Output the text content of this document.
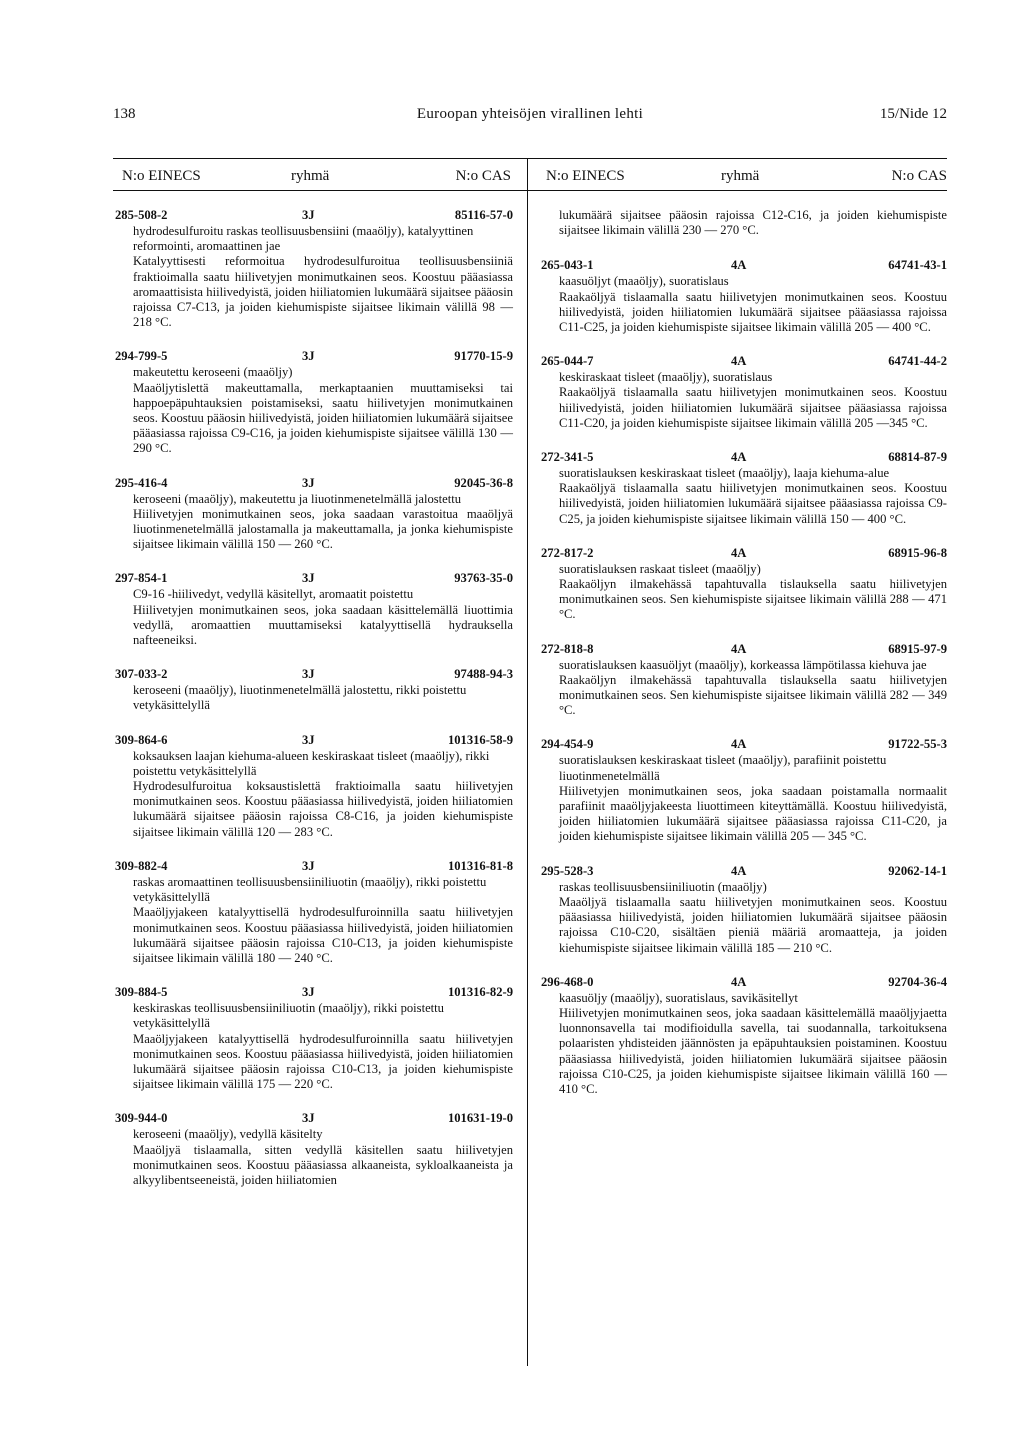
138	Euroopan yhteisöjen virallinen lehti	15/Nide 12
N:o EINECS	ryhmä	N:o CAS N:o EINECS	ryhmä	N:o CAS
285-508-2	3J	85116-57-0
hydrodesulfuroitu raskas teollisuusbensiini (maaöljy), katalyyttinen reformointi, aromaattinen jae
Katalyyttisesti reformoitua hydrodesulfuroitua teollisuusbensiiniä fraktioimalla saatu hiilivetyjen monimutkainen seos. Koostuu pääasiassa aromaattisista hiilivedyistä, joiden hiiliatomien lukumäärä sijaitsee pääosin rajoissa C7-C13, ja joiden kiehumispiste sijaitsee likimain välillä 98 — 218 °C.
294-799-5	3J	91770-15-9
makeutettu keroseeni (maaöljy)
Maaöljytislettä makeuttamalla, merkaptaanien muuttamiseksi tai happoepäpuhtauksien poistamiseksi, saatu hiilivetyjen monimutkainen seos. Koostuu pääosin hiilivedyistä, joiden hiiliatomien lukumäärä sijaitsee pääasiassa rajoissa C9-C16, ja joiden kiehumispiste sijaitsee välillä 130 — 290 °C.
295-416-4	3J	92045-36-8
keroseeni (maaöljy), makeutettu ja liuotinmenetelmällä jalostettu
Hiilivetyjen monimutkainen seos, joka saadaan varastoitua maaöljyä liuotinmenetelmällä jalostamalla ja makeuttamalla, ja jonka kiehumispiste sijaitsee likimain välillä 150 — 260 °C.
297-854-1	3J	93763-35-0
C9-16 -hiilivedyt, vedyllä käsitellyt, aromaatit poistettu
Hiilivetyjen monimutkainen seos, joka saadaan käsittelemällä liuottimia vedyllä, aromaattien muuttamiseksi katalyyttisellä hydrauksella nafteeneiksi.
307-033-2	3J	97488-94-3
keroseeni (maaöljy), liuotinmenetelmällä jalostettu, rikki poistettu vetykäsittelyllä
309-864-6	3J	101316-58-9
koksauksen laajan kiehuma-alueen keskiraskaat tisleet (maaöljy), rikki poistettu vetykäsittelyllä
Hydrodesulfuroitua koksaustislettä fraktioimalla saatu hiilivetyjen monimutkainen seos. Koostuu pääasiassa hiilivedyistä, joiden hiiliatomien lukumäärä sijaitsee pääosin rajoissa C8-C16, ja joiden kiehumispiste sijaitsee likimain välillä 120 — 283 °C.
309-882-4	3J	101316-81-8
raskas aromaattinen teollisuusbensiiniliuotin (maaöljy), rikki poistettu vetykäsittelyllä
Maaöljyjakeen katalyyttisellä hydrodesulfuroinnilla saatu hiilivetyjen monimutkainen seos. Koostuu pääasiassa hiilivedyistä, joiden hiiliatomien lukumäärä sijaitsee pääosin rajoissa C10-C13, ja joiden kiehumispiste sijaitsee likimain välillä 180 — 240 °C.
309-884-5	3J	101316-82-9
keskiraskas teollisuusbensiiniliuotin (maaöljy), rikki poistettu vetykäsittelyllä
Maaöljyjakeen katalyyttisellä hydrodesulfuroinnilla saatu hiilivetyjen monimutkainen seos. Koostuu pääasiassa hiilivedyistä, joiden hiiliatomien lukumäärä sijaitsee pääosin rajoissa C10-C13, ja joiden kiehumispiste sijaitsee likimain välillä 175 — 220 °C.
309-944-0	3J	101631-19-0
keroseeni (maaöljy), vedyllä käsitelty
Maaöljyä tislaamalla, sitten vedyllä käsitellen saatu hiilivetyjen monimutkainen seos. Koostuu pääasiassa alkaaneista, sykloalkaaneista ja alkyylibentseeneistä, joiden hiiliatomien
lukumäärä sijaitsee pääosin rajoissa C12-C16, ja joiden kiehumispiste sijaitsee likimain välillä 230 — 270 °C.
265-043-1	4A	64741-43-1
kaasuöljyt (maaöljy), suoratislaus
Raakaöljyä tislaamalla saatu hiilivetyjen monimutkainen seos. Koostuu hiilivedyistä, joiden hiiliatomien lukumäärä sijaitsee pääasiassa rajoissa C11-C25, ja joiden kiehumispiste sijaitsee likimain välillä 205 — 400 °C.
265-044-7	4A	64741-44-2
keskiraskaat tisleet (maaöljy), suoratislaus
Raakaöljyä tislaamalla saatu hiilivetyjen monimutkainen seos. Koostuu hiilivedyistä, joiden hiiliatomien lukumäärä sijaitsee pääasiassa rajoissa C11-C20, ja joiden kiehumispiste sijaitsee likimain välillä 205 —345 °C.
272-341-5	4A	68814-87-9
suoratislauksen keskiraskaat tisleet (maaöljy), laaja kiehuma-alue
Raakaöljyä tislaamalla saatu hiilivetyjen monimutkainen seos. Koostuu hiilivedyistä, joiden hiiliatomien lukumäärä sijaitsee pääasiassa rajoissa C9-C25, ja joiden kiehumispiste sijaitsee likimain välillä 150 — 400 °C.
272-817-2	4A	68915-96-8
suoratislauksen raskaat tisleet (maaöljy)
Raakaöljyn ilmakehässä tapahtuvalla tislauksella saatu hiilivetyjen monimutkainen seos. Sen kiehumispiste sijaitsee likimain välillä 288 — 471 °C.
272-818-8	4A	68915-97-9
suoratislauksen kaasuöljyt (maaöljy), korkeassa lämpötilassa kiehuva jae
Raakaöljyn ilmakehässä tapahtuvalla tislauksella saatu hiilivetyjen monimutkainen seos. Sen kiehumispiste sijaitsee likimain välillä 282 — 349 °C.
294-454-9	4A	91722-55-3
suoratislauksen keskiraskaat tisleet (maaöljy), parafiinit poistettu liuotinmenetelmällä
Hiilivetyjen monimutkainen seos, joka saadaan poistamalla normaalit parafiinit maaöljyjakeesta liuottimeen kiteyttämällä. Koostuu hiilivedyistä, joiden hiiliatomien lukumäärä sijaitsee pääasiassa rajoissa C11-C20, ja joiden kiehumispiste sijaitsee likimain välillä 205 — 345 °C.
295-528-3	4A	92062-14-1
raskas teollisuusbensiiniliuotin (maaöljy)
Maaöljyä tislaamalla saatu hiilivetyjen monimutkainen seos. Koostuu pääasiassa hiilivedyistä, joiden hiiliatomien lukumäärä sijaitsee pääosin rajoissa C10-C20, sisältäen pieniä määriä aromaatteja, ja joiden kiehumispiste sijaitsee likimain välillä 185 — 210 °C.
296-468-0	4A	92704-36-4
kaasuöljy (maaöljy), suoratislaus, savikäsitellyt
Hiilivetyjen monimutkainen seos, joka saadaan käsittelemällä maaöljyjaetta luonnonsavella tai modifioidulla savella, tai suodannalla, tarkoituksena polaaristen yhdisteiden jäännösten ja epäpuhtauksien poistaminen. Koostuu pääasiassa hiilivedyistä, joiden hiiliatomien lukumäärä sijaitsee pääosin rajoissa C10-C25, ja joiden kiehumispiste sijaitsee likimain välillä 160 — 410 °C.
